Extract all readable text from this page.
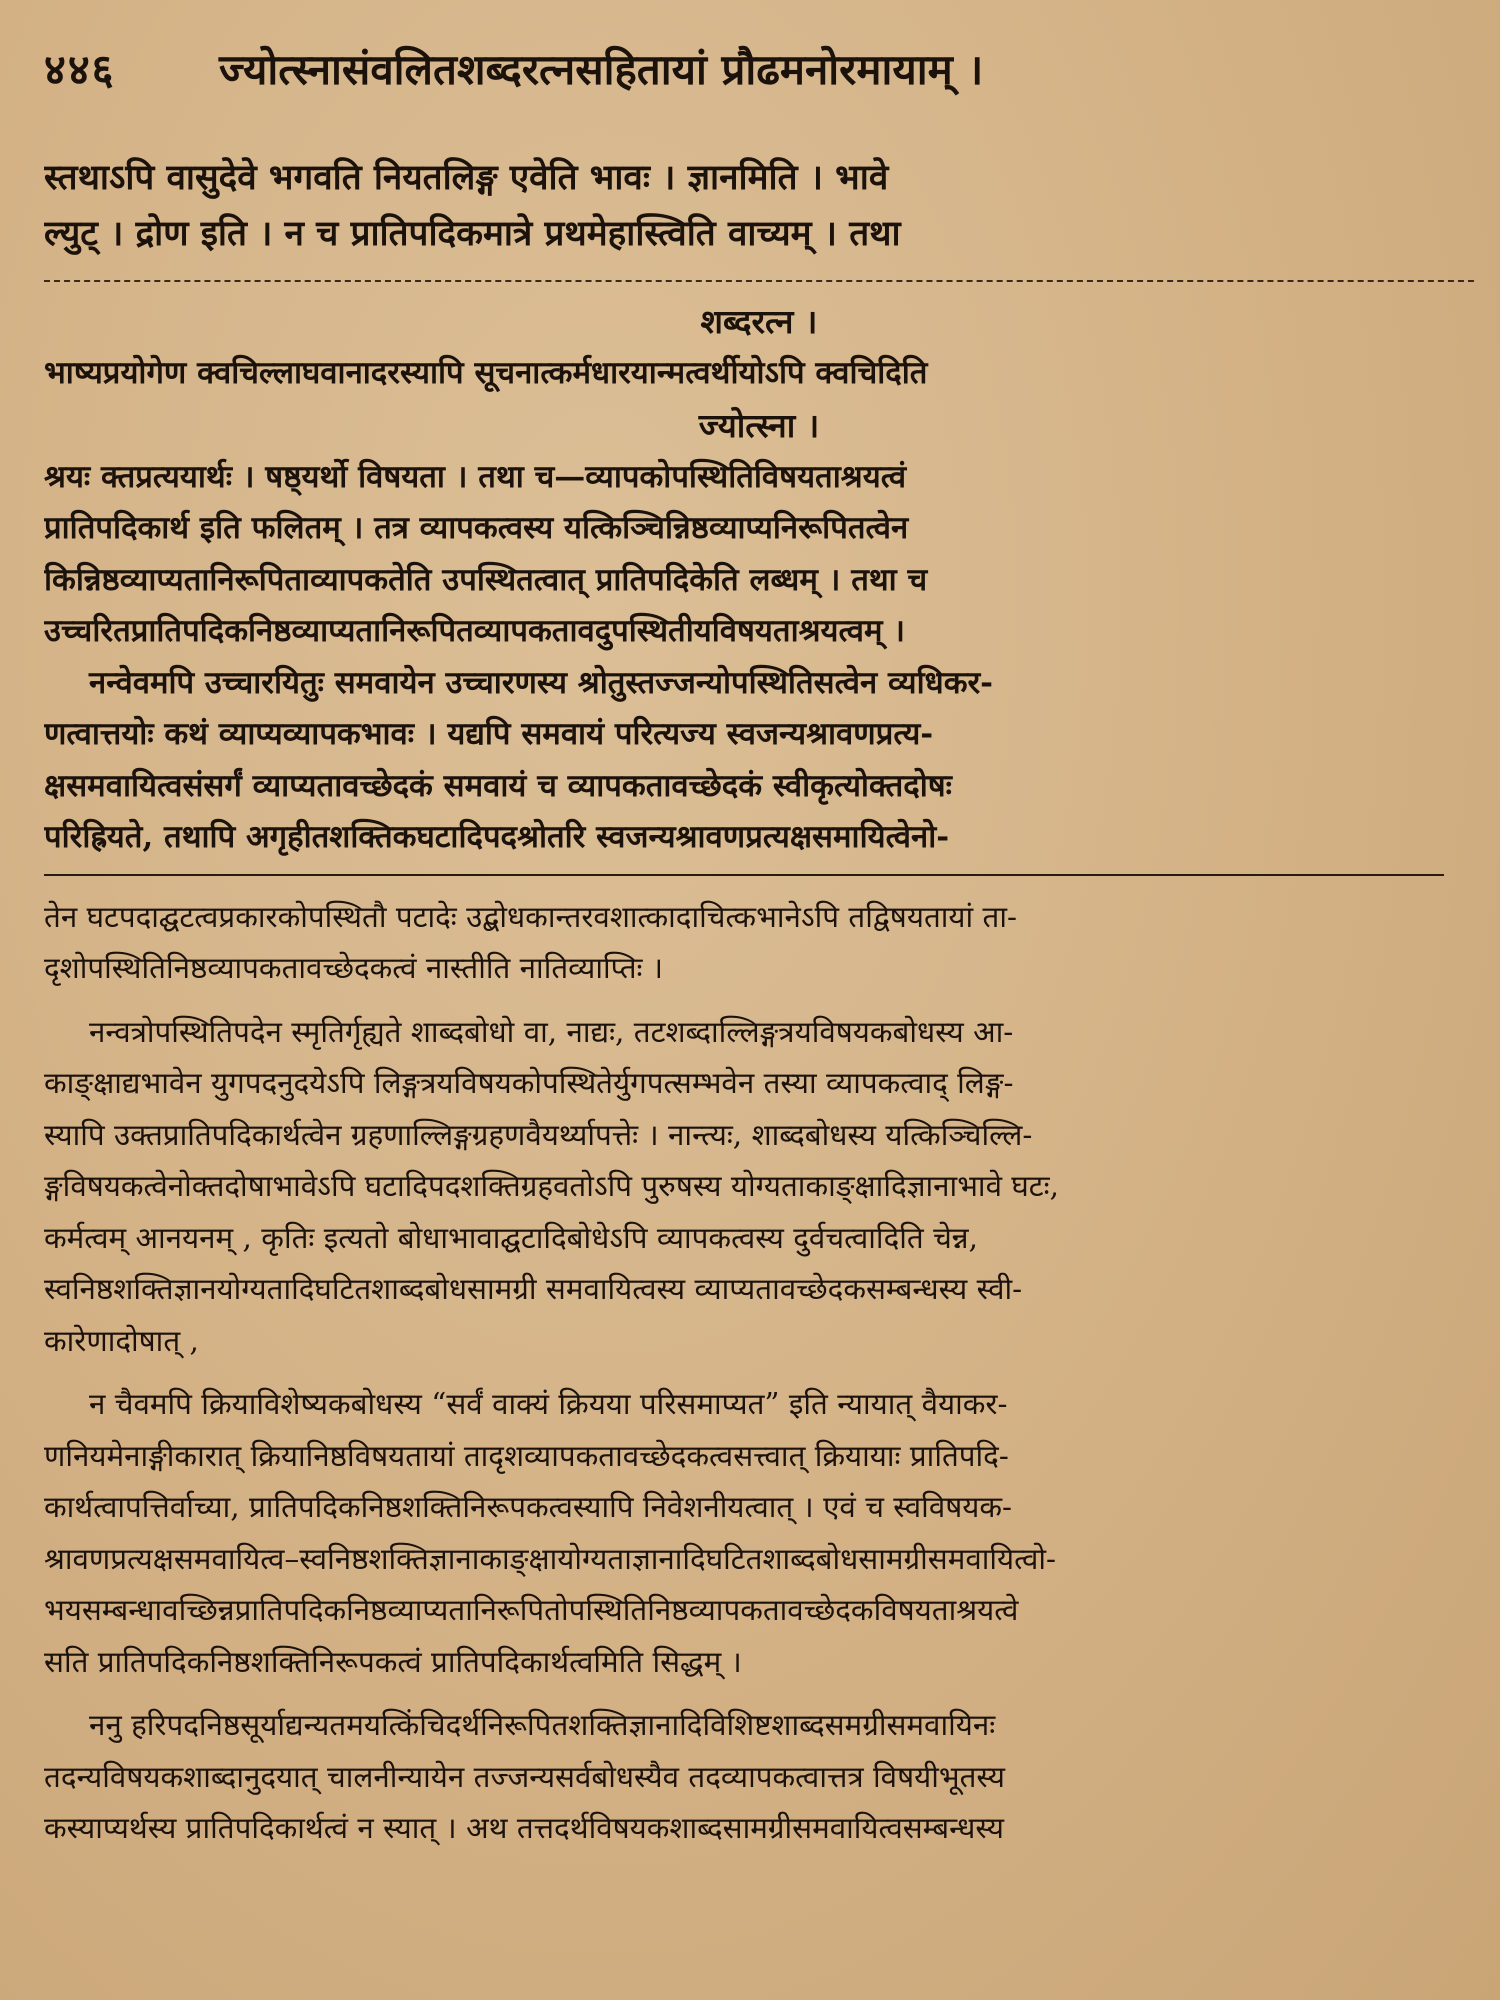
४४६	ज्योत्स्नासंवलितशब्दरत्नसहितायां प्रौढमनोरमायाम् ।
स्तथाऽपि वासुदेवे भगवति नियतलिङ्ग एवेति भावः । ज्ञानमिति । भावे
ल्युट् । द्रोण इति । न च प्रातिपदिकमात्रे प्रथमेहास्त्विति वाच्यम् । तथा
शब्दरत्न ।
भाष्यप्रयोगेण क्वचिल्लाघवानादरस्यापि सूचनात्कर्मधारयान्मत्वर्थीयोऽपि क्वचिदिति
ज्योत्स्ना ।
श्रयः क्तप्रत्ययार्थः । षष्ठ्यर्थो विषयता । तथा च—व्यापकोपस्थितिविषयताश्रयत्वं
प्रातिपदिकार्थ इति फलितम् । तत्र व्यापकत्वस्य यत्किञ्चिन्निष्ठव्याप्यनिरूपितत्वेन
किन्निष्ठव्याप्यतानिरूपिताव्यापकतेति उपस्थितत्वात् प्रातिपदिकेति लब्धम् । तथा च
उच्चरितप्रातिपदिकनिष्ठव्याप्यतानिरूपितव्यापकतावदुपस्थितीयविषयताश्रयत्वम् ।
नन्वेवमपि उच्चारयितुः समवायेन उच्चारणस्य श्रोतुस्तज्जन्योपस्थितिसत्वेन व्यधिकर-
णत्वात्तयोः कथं व्याप्यव्यापकभावः । यद्यपि समवायं परित्यज्य स्वजन्यश्रावणप्रत्य-
क्षसमवायित्वसंसर्गं व्याप्यतावच्छेदकं समवायं च व्यापकतावच्छेदकं स्वीकृत्योक्तदोषः
परिह्रियते, तथापि अगृहीतशक्तिकघटादिपदश्रोतरि स्वजन्यश्रावणप्रत्यक्षसमायित्वेनो-
तेन घटपदाद्घटत्वप्रकारकोपस्थितौ पटादेः उद्बोधकान्तरवशात्कादाचित्कभानेऽपि तद्विषयतायां ता-
दृशोपस्थितिनिष्ठव्यापकतावच्छेदकत्वं नास्तीति नातिव्याप्तिः ।
नन्वत्रोपस्थितिपदेन स्मृतिर्गृह्यते शाब्दबोधो वा, नाद्यः, तटशब्दाल्लिङ्गत्रयविषयकबोधस्य आ-
काङ्क्षाद्यभावेन युगपदनुदयेऽपि लिङ्गत्रयविषयकोपस्थितेर्युगपत्सम्भवेन तस्या व्यापकत्वाद् लिङ्ग-
स्यापि उक्तप्रातिपदिकार्थत्वेन ग्रहणाल्लिङ्गग्रहणवैयर्थ्यापत्तेः । नान्त्यः, शाब्दबोधस्य यत्किञ्चिल्लि-
ङ्गविषयकत्वेनोक्तदोषाभावेऽपि घटादिपदशक्तिग्रहवतोऽपि पुरुषस्य योग्यताकाङ्क्षादिज्ञानाभावे घटः,
कर्मत्वम् आनयनम् , कृतिः इत्यतो बोधाभावाद्घटादिबोधेऽपि व्यापकत्वस्य दुर्वचत्वादिति चेन्न,
स्वनिष्ठशक्तिज्ञानयोग्यतादिघटितशाब्दबोधसामग्री समवायित्वस्य व्याप्यतावच्छेदकसम्बन्धस्य स्वी-
कारेणादोषात् ,
न चैवमपि क्रियाविशेष्यकबोधस्य “सर्वं वाक्यं क्रियया परिसमाप्यत” इति न्यायात् वैयाकर-
णनियमेनाङ्गीकारात् क्रियानिष्ठविषयतायां तादृशव्यापकतावच्छेदकत्वसत्त्वात् क्रियायाः प्रातिपदि-
कार्थत्वापत्तिर्वाच्या, प्रातिपदिकनिष्ठशक्तिनिरूपकत्वस्यापि निवेशनीयत्वात् । एवं च स्वविषयक-
श्रावणप्रत्यक्षसमवायित्व–स्वनिष्ठशक्तिज्ञानाकाङ्क्षायोग्यताज्ञानादिघटितशाब्दबोधसामग्रीसमवायित्वो-
भयसम्बन्धावच्छिन्नप्रातिपदिकनिष्ठव्याप्यतानिरूपितोपस्थितिनिष्ठव्यापकतावच्छेदकविषयताश्रयत्वे
सति प्रातिपदिकनिष्ठशक्तिनिरूपकत्वं प्रातिपदिकार्थत्वमिति सिद्धम् ।
ननु हरिपदनिष्ठसूर्याद्यन्यतमयत्किंचिदर्थनिरूपितशक्तिज्ञानादिविशिष्टशाब्दसमग्रीसमवायिनः
तदन्यविषयकशाब्दानुदयात् चालनीन्यायेन तज्जन्यसर्वबोधस्यैव तदव्यापकत्वात्तत्र विषयीभूतस्य
कस्याप्यर्थस्य प्रातिपदिकार्थत्वं न स्यात् । अथ तत्तदर्थविषयकशाब्दसामग्रीसमवायित्वसम्बन्धस्य
